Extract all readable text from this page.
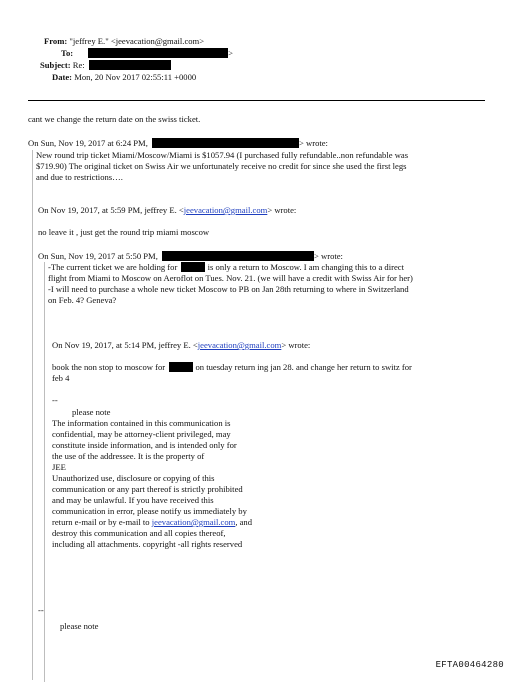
From: "jeffrey E." <jeevacation@gmail.com>
To:	>
Subject: Re:
Date: Mon, 20 Nov 2017 02:55:11 +0000
cant we change the return date on the swiss ticket.
On Sun, Nov 19, 2017 at 6:24 PM,	> wrote:
New round trip ticket Miami/Moscow/Miami is $1057.94 (I purchased fully refundable..non refundable was
$719.90) The original ticket on Swiss Air we unfortunately receive no credit for since she used the first legs
and due to restrictions….
On Nov 19, 2017, at 5:59 PM, jeffrey E. <jeevacation@gmail.com> wrote:
no leave it , just get the round trip miami moscow
On Sun, Nov 19, 2017 at 5:50 PM,	> wrote:
-The current ticket we are holding for	is only a return to Moscow. I am changing this to a direct
flight from Miami to Moscow on Aeroflot on Tues. Nov. 21. (we will have a credit with Swiss Air for her)
-I will need to purchase a whole new ticket Moscow to PB on Jan 28th returning to where in Switzerland
on Feb. 4? Geneva?
On Nov 19, 2017, at 5:14 PM, jeffrey E. <jeevacation@gmail.com> wrote:
book the non stop to moscow for	on tuesday return ing jan 28. and change her return to switz for
feb 4
--
please note
The information contained in this communication is
confidential, may be attorney-client privileged, may
constitute inside information, and is intended only for
the use of the addressee. It is the property of
JEE
Unauthorized use, disclosure or copying of this
communication or any part thereof is strictly prohibited
and may be unlawful. If you have received this
communication in error, please notify us immediately by
return e-mail or by e-mail to jeevacation@gmail.com, and
destroy this communication and all copies thereof,
including all attachments. copyright -all rights reserved
--
please note
EFTA00464280
